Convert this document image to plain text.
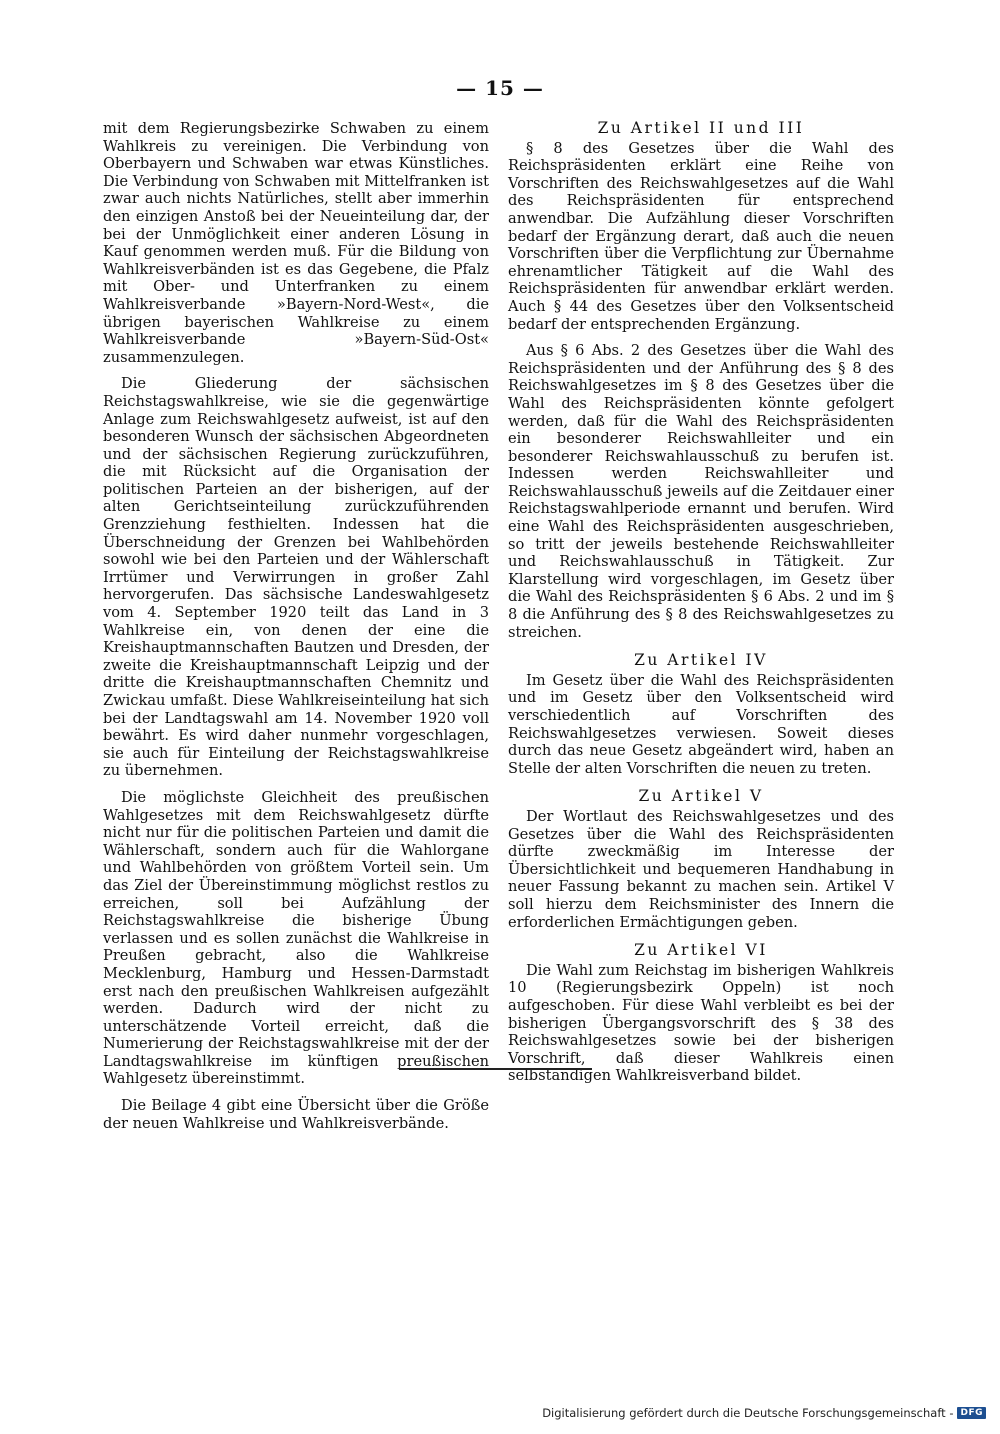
— 15 —

mit dem Regierungsbezirke Schwaben zu einem Wahlkreis zu vereinigen. Die Verbindung von Oberbayern und Schwaben war etwas Künstliches. Die Verbindung von Schwaben mit Mittelfranken ist zwar auch nichts Natürliches, stellt aber immerhin den einzigen Anstoß bei der Neueinteilung dar, der bei der Unmöglichkeit einer anderen Lösung in Kauf genommen werden muß. Für die Bildung von Wahlkreisverbänden ist es das Gegebene, die Pfalz mit Ober- und Unterfranken zu einem Wahlkreisverbande »Bayern-Nord-West«, die übrigen bayerischen Wahlkreise zu einem Wahlkreisverbande »Bayern-Süd-Ost« zusammenzulegen.

Die Gliederung der sächsischen Reichstagswahlkreise, wie sie die gegenwärtige Anlage zum Reichswahlgesetz aufweist, ist auf den besonderen Wunsch der sächsischen Abgeordneten und der sächsischen Regierung zurückzuführen, die mit Rücksicht auf die Organisation der politischen Parteien an der bisherigen, auf der alten Gerichtseinteilung zurückzuführenden Grenzziehung festhielten. Indessen hat die Überschneidung der Grenzen bei Wahlbehörden sowohl wie bei den Parteien und der Wählerschaft Irrtümer und Verwirrungen in großer Zahl hervorgerufen. Das sächsische Landeswahlgesetz vom 4. September 1920 teilt das Land in 3 Wahlkreise ein, von denen der eine die Kreishauptmannschaften Bautzen und Dresden, der zweite die Kreishauptmannschaft Leipzig und der dritte die Kreishauptmannschaften Chemnitz und Zwickau umfaßt. Diese Wahlkreiseinteilung hat sich bei der Landtagswahl am 14. November 1920 voll bewährt. Es wird daher nunmehr vorgeschlagen, sie auch für Einteilung der Reichstagswahlkreise zu übernehmen.

Die möglichste Gleichheit des preußischen Wahlgesetzes mit dem Reichswahlgesetz dürfte nicht nur für die politischen Parteien und damit die Wählerschaft, sondern auch für die Wahlorgane und Wahlbehörden von größtem Vorteil sein. Um das Ziel der Übereinstimmung möglichst restlos zu erreichen, soll bei Aufzählung der Reichstagswahlkreise die bisherige Übung verlassen und es sollen zunächst die Wahlkreise in Preußen gebracht, also die Wahlkreise Mecklenburg, Hamburg und Hessen-Darmstadt erst nach den preußischen Wahlkreisen aufgezählt werden. Dadurch wird der nicht zu unterschätzende Vorteil erreicht, daß die Numerierung der Reichstagswahlkreise mit der der Landtagswahlkreise im künftigen preußischen Wahlgesetz übereinstimmt.

Die Beilage 4 gibt eine Übersicht über die Größe der neuen Wahlkreise und Wahlkreisverbände.

Zu Artikel II und III

§ 8 des Gesetzes über die Wahl des Reichspräsidenten erklärt eine Reihe von Vorschriften des Reichswahlgesetzes auf die Wahl des Reichspräsidenten für entsprechend anwendbar. Die Aufzählung dieser Vorschriften bedarf der Ergänzung derart, daß auch die neuen Vorschriften über die Verpflichtung zur Übernahme ehrenamtlicher Tätigkeit auf die Wahl des Reichspräsidenten für anwendbar erklärt werden. Auch § 44 des Gesetzes über den Volksentscheid bedarf der entsprechenden Ergänzung.

Aus § 6 Abs. 2 des Gesetzes über die Wahl des Reichspräsidenten und der Anführung des § 8 des Reichswahlgesetzes im § 8 des Gesetzes über die Wahl des Reichspräsidenten könnte gefolgert werden, daß für die Wahl des Reichspräsidenten ein besonderer Reichswahlleiter und ein besonderer Reichswahlausschuß zu berufen ist. Indessen werden Reichswahlleiter und Reichswahlausschuß jeweils auf die Zeitdauer einer Reichstagswahlperiode ernannt und berufen. Wird eine Wahl des Reichspräsidenten ausgeschrieben, so tritt der jeweils bestehende Reichswahlleiter und Reichswahlausschuß in Tätigkeit. Zur Klarstellung wird vorgeschlagen, im Gesetz über die Wahl des Reichspräsidenten § 6 Abs. 2 und im § 8 die Anführung des § 8 des Reichswahlgesetzes zu streichen.

Zu Artikel IV

Im Gesetz über die Wahl des Reichspräsidenten und im Gesetz über den Volksentscheid wird verschiedentlich auf Vorschriften des Reichswahlgesetzes verwiesen. Soweit dieses durch das neue Gesetz abgeändert wird, haben an Stelle der alten Vorschriften die neuen zu treten.

Zu Artikel V

Der Wortlaut des Reichswahlgesetzes und des Gesetzes über die Wahl des Reichspräsidenten dürfte zweckmäßig im Interesse der Übersichtlichkeit und bequemeren Handhabung in neuer Fassung bekannt zu machen sein. Artikel V soll hierzu dem Reichsminister des Innern die erforderlichen Ermächtigungen geben.

Zu Artikel VI

Die Wahl zum Reichstag im bisherigen Wahlkreis 10 (Regierungsbezirk Oppeln) ist noch aufgeschoben. Für diese Wahl verbleibt es bei der bisherigen Übergangsvorschrift des § 38 des Reichswahlgesetzes sowie bei der bisherigen Vorschrift, daß dieser Wahlkreis einen selbständigen Wahlkreisverband bildet.

Digitalisierung gefördert durch die Deutsche Forschungsgemeinschaft - DFG
